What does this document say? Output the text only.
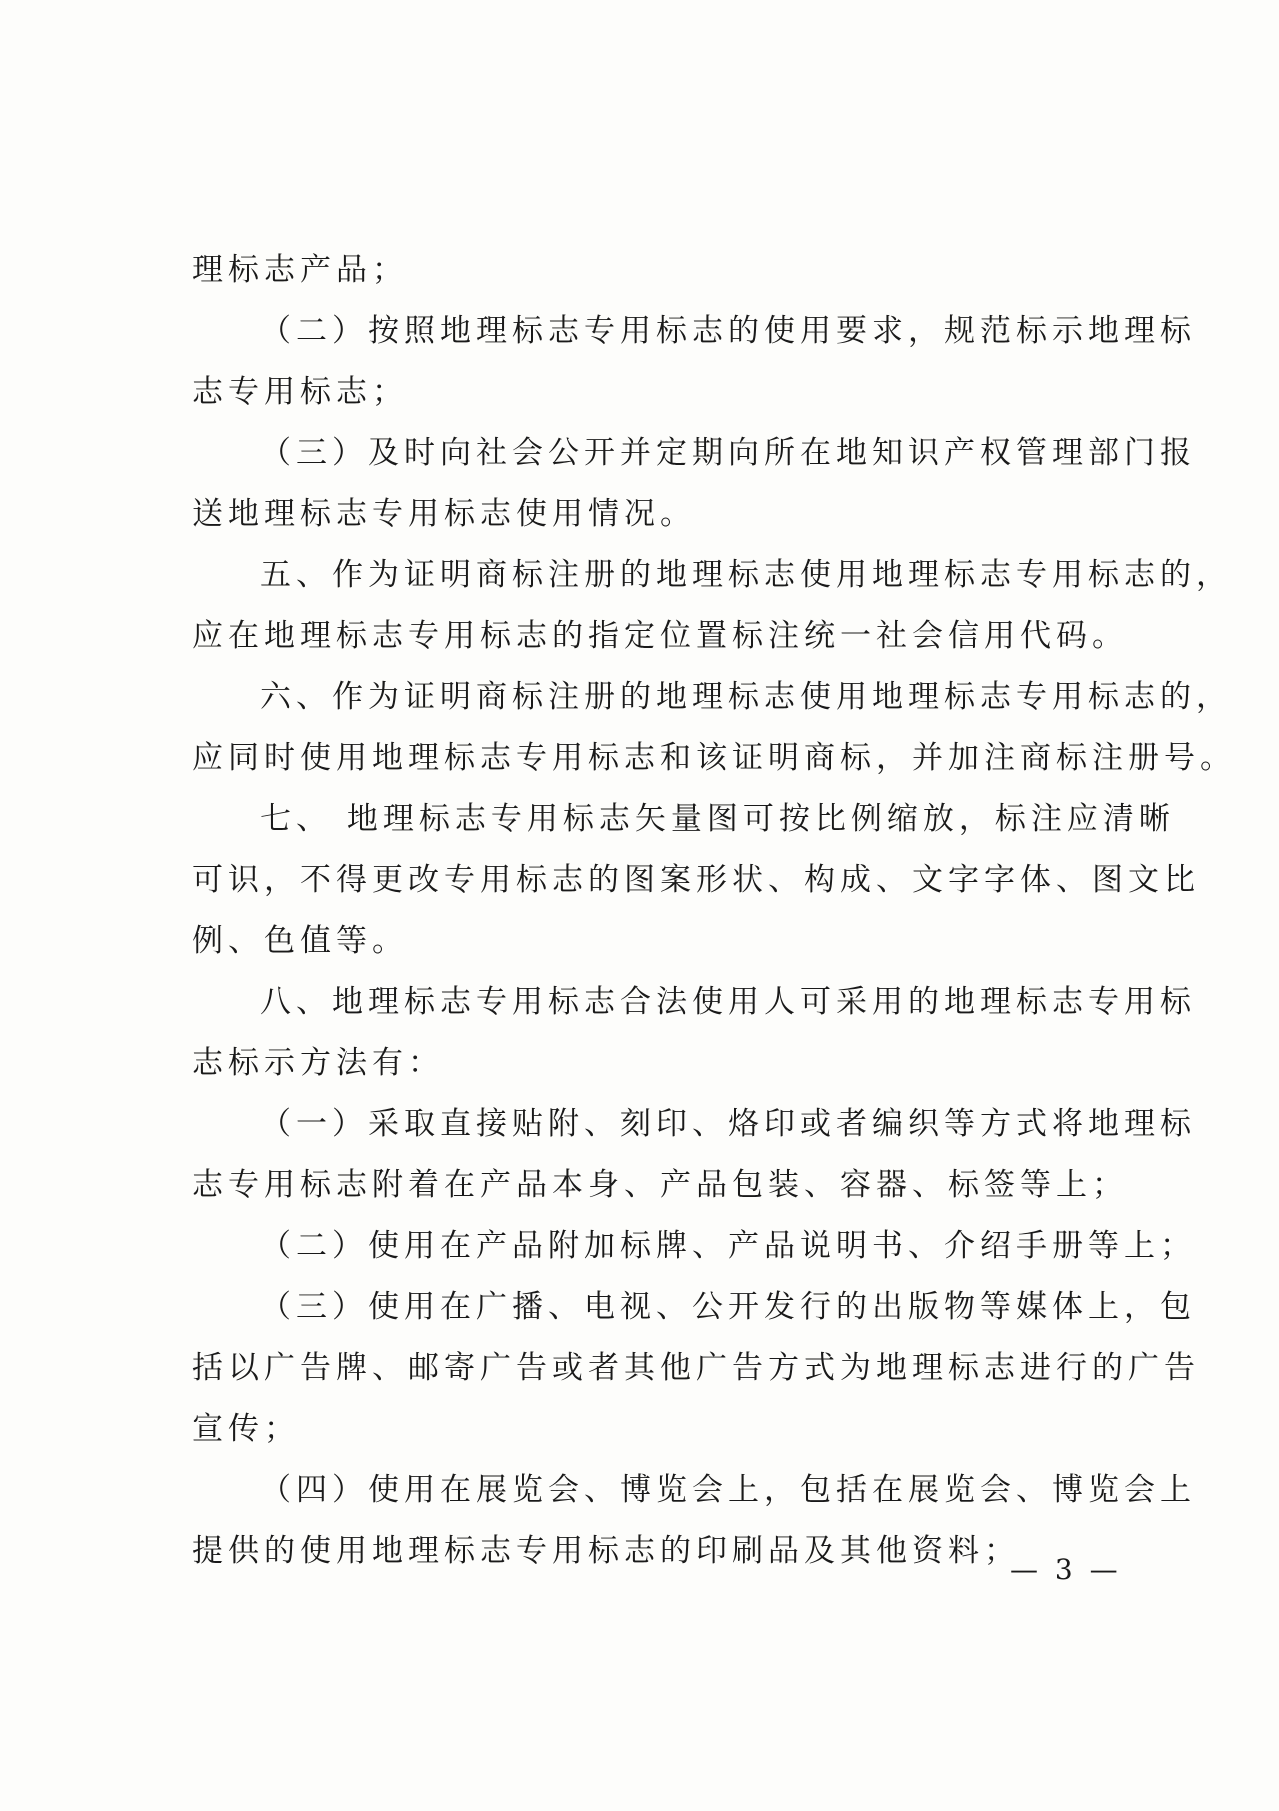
理标志产品；
（二）按照地理标志专用标志的使用要求，规范标示地理标
志专用标志；
（三）及时向社会公开并定期向所在地知识产权管理部门报
送地理标志专用标志使用情况。
五、作为证明商标注册的地理标志使用地理标志专用标志的，
应在地理标志专用标志的指定位置标注统一社会信用代码。
六、作为证明商标注册的地理标志使用地理标志专用标志的，
应同时使用地理标志专用标志和该证明商标，并加注商标注册号。
七、 地理标志专用标志矢量图可按比例缩放，标注应清晰
可识，不得更改专用标志的图案形状、构成、文字字体、图文比
例、色值等。
八、地理标志专用标志合法使用人可采用的地理标志专用标
志标示方法有：
（一）采取直接贴附、刻印、烙印或者编织等方式将地理标
志专用标志附着在产品本身、产品包装、容器、标签等上；
（二）使用在产品附加标牌、产品说明书、介绍手册等上；
（三）使用在广播、电视、公开发行的出版物等媒体上，包
括以广告牌、邮寄广告或者其他广告方式为地理标志进行的广告
宣传；
（四）使用在展览会、博览会上，包括在展览会、博览会上
提供的使用地理标志专用标志的印刷品及其他资料；
— 3 —
